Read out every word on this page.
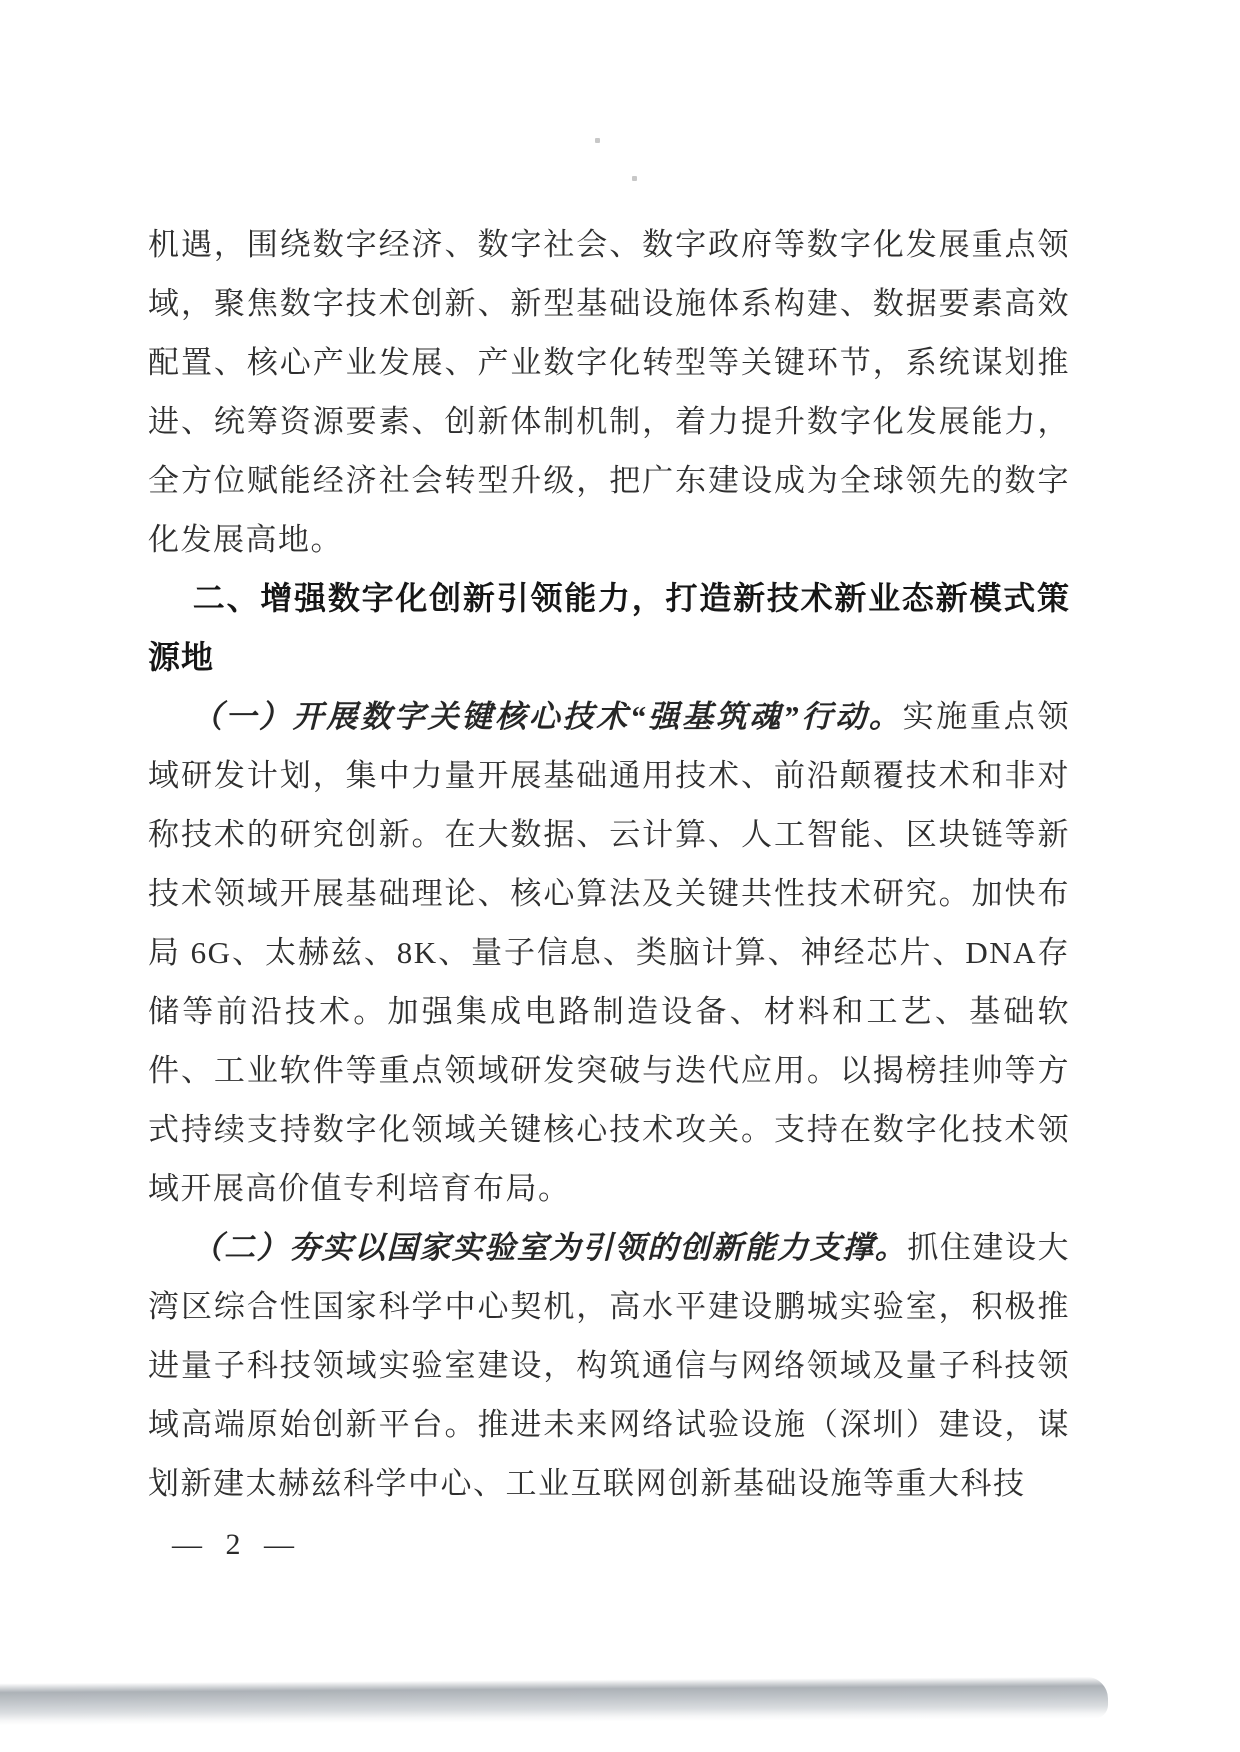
机遇，围绕数字经济、数字社会、数字政府等数字化发展重点领域，聚焦数字技术创新、新型基础设施体系构建、数据要素高效配置、核心产业发展、产业数字化转型等关键环节，系统谋划推进、统筹资源要素、创新体制机制，着力提升数字化发展能力，全方位赋能经济社会转型升级，把广东建设成为全球领先的数字化发展高地。

二、增强数字化创新引领能力，打造新技术新业态新模式策源地

（一）开展数字关键核心技术“强基筑魂”行动。实施重点领域研发计划，集中力量开展基础通用技术、前沿颠覆技术和非对称技术的研究创新。在大数据、云计算、人工智能、区块链等新技术领域开展基础理论、核心算法及关键共性技术研究。加快布局 6G、太赫兹、8K、量子信息、类脑计算、神经芯片、DNA存储等前沿技术。加强集成电路制造设备、材料和工艺、基础软件、工业软件等重点领域研发突破与迭代应用。以揭榜挂帅等方式持续支持数字化领域关键核心技术攻关。支持在数字化技术领域开展高价值专利培育布局。

（二）夯实以国家实验室为引领的创新能力支撑。抓住建设大湾区综合性国家科学中心契机，高水平建设鹏城实验室，积极推进量子科技领域实验室建设，构筑通信与网络领域及量子科技领域高端原始创新平台。推进未来网络试验设施（深圳）建设，谋划新建太赫兹科学中心、工业互联网创新基础设施等重大科技

— 2 —
